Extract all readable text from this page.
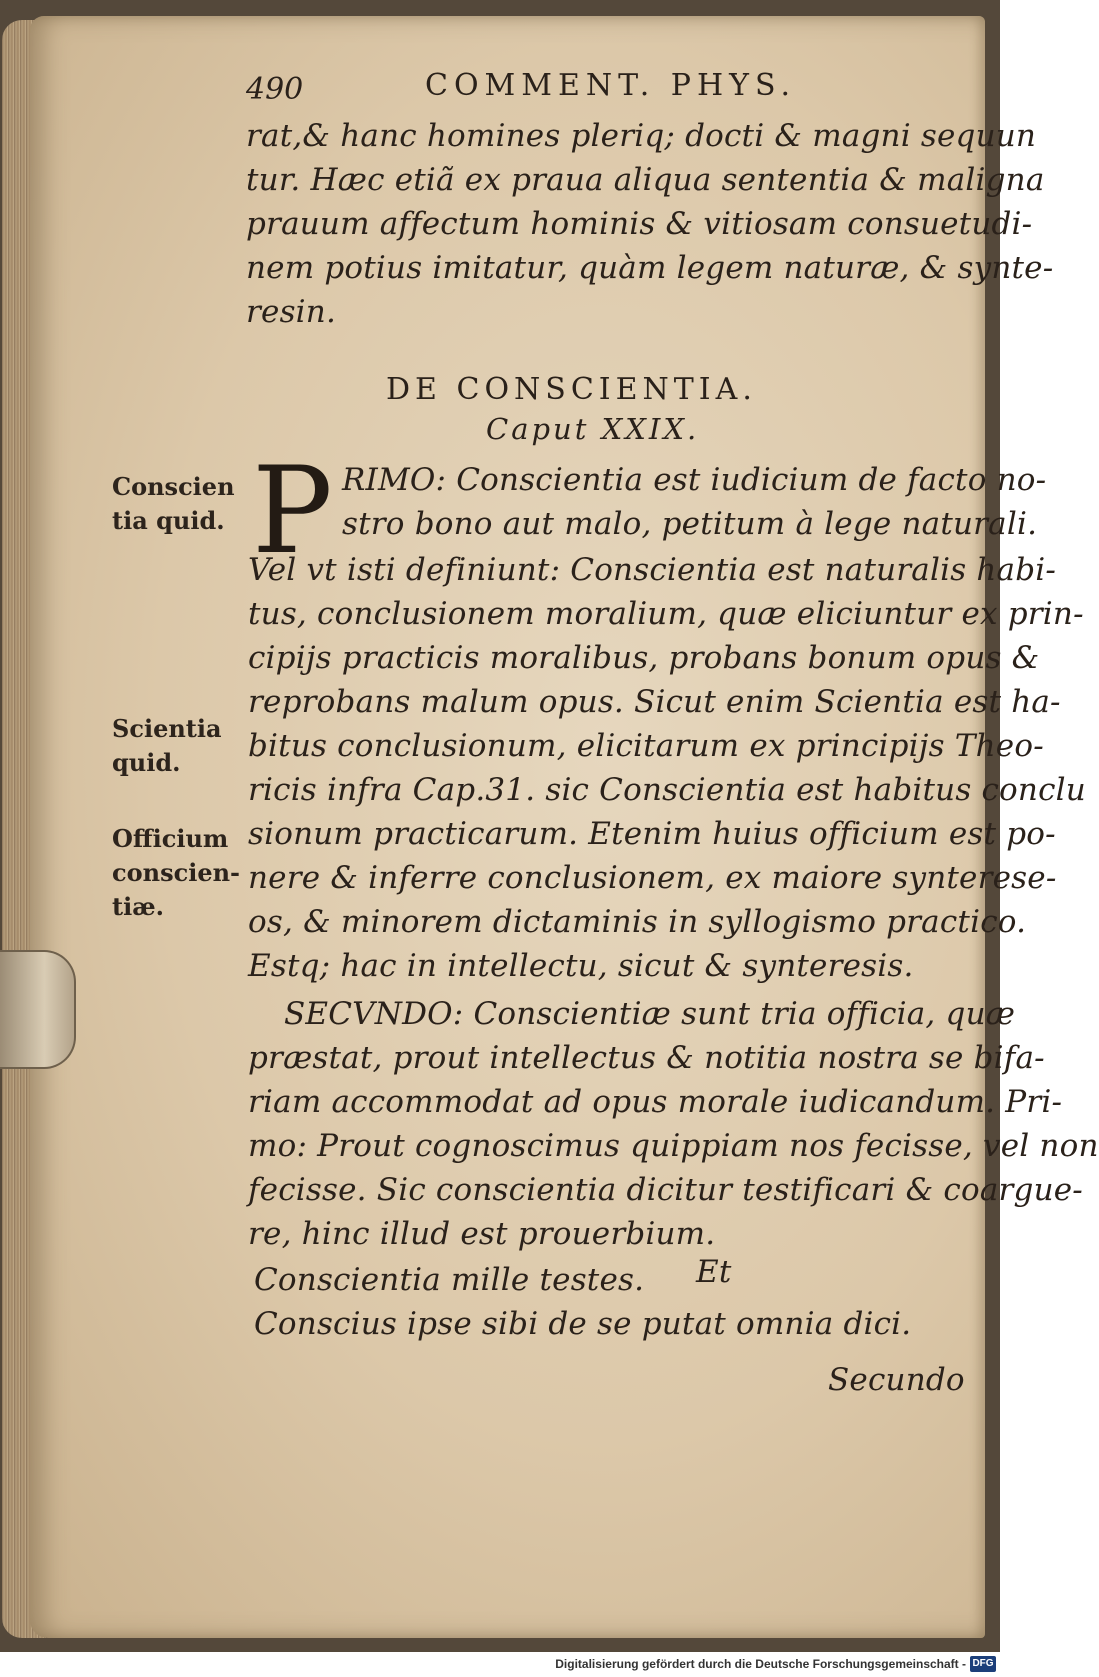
490	COMMENT. PHYS.
rat,& hanc homines pleriq; docti & magni sequun
tur. Hæc etiã ex praua aliqua sententia & maligna
prauum affectum hominis & vitiosam consuetudi-
nem potius imitatur, quàm legem naturæ, & synte-
resin.
DE CONSCIENTIA.
Caput XXIX.
P RIMO: Conscientia est iudicium de facto no-
stro bono aut malo, petitum à lege naturali.
Vel vt isti definiunt: Conscientia est naturalis habi-
tus, conclusionem moralium, quæ eliciuntur ex prin-
cipijs practicis moralibus, probans bonum opus &
reprobans malum opus. Sicut enim Scientia est ha-
bitus conclusionum, elicitarum ex principijs Theo-
ricis infra Cap.31. sic Conscientia est habitus conclu
sionum practicarum. Etenim huius officium est po-
nere & inferre conclusionem, ex maiore synterese-
os, & minorem dictaminis in syllogismo practico.
Estq; hac in intellectu, sicut & synteresis.
SECVNDO: Conscientiæ sunt tria officia, quæ
præstat, prout intellectus & notitia nostra se bifa-
riam accommodat ad opus morale iudicandum. Pri-
mo: Prout cognoscimus quippiam nos fecisse, vel non
fecisse. Sic conscientia dicitur testificari & coargue-
re, hinc illud est prouerbium.
Conscientia mille testes. Et
Conscius ipse sibi de se putat omnia dici.
Secundo
Conscien
tia quid.
Scientia
quid.
Officium
conscien-
tiæ.
Digitalisierung gefördert durch die Deutsche Forschungsgemeinschaft - DFG
